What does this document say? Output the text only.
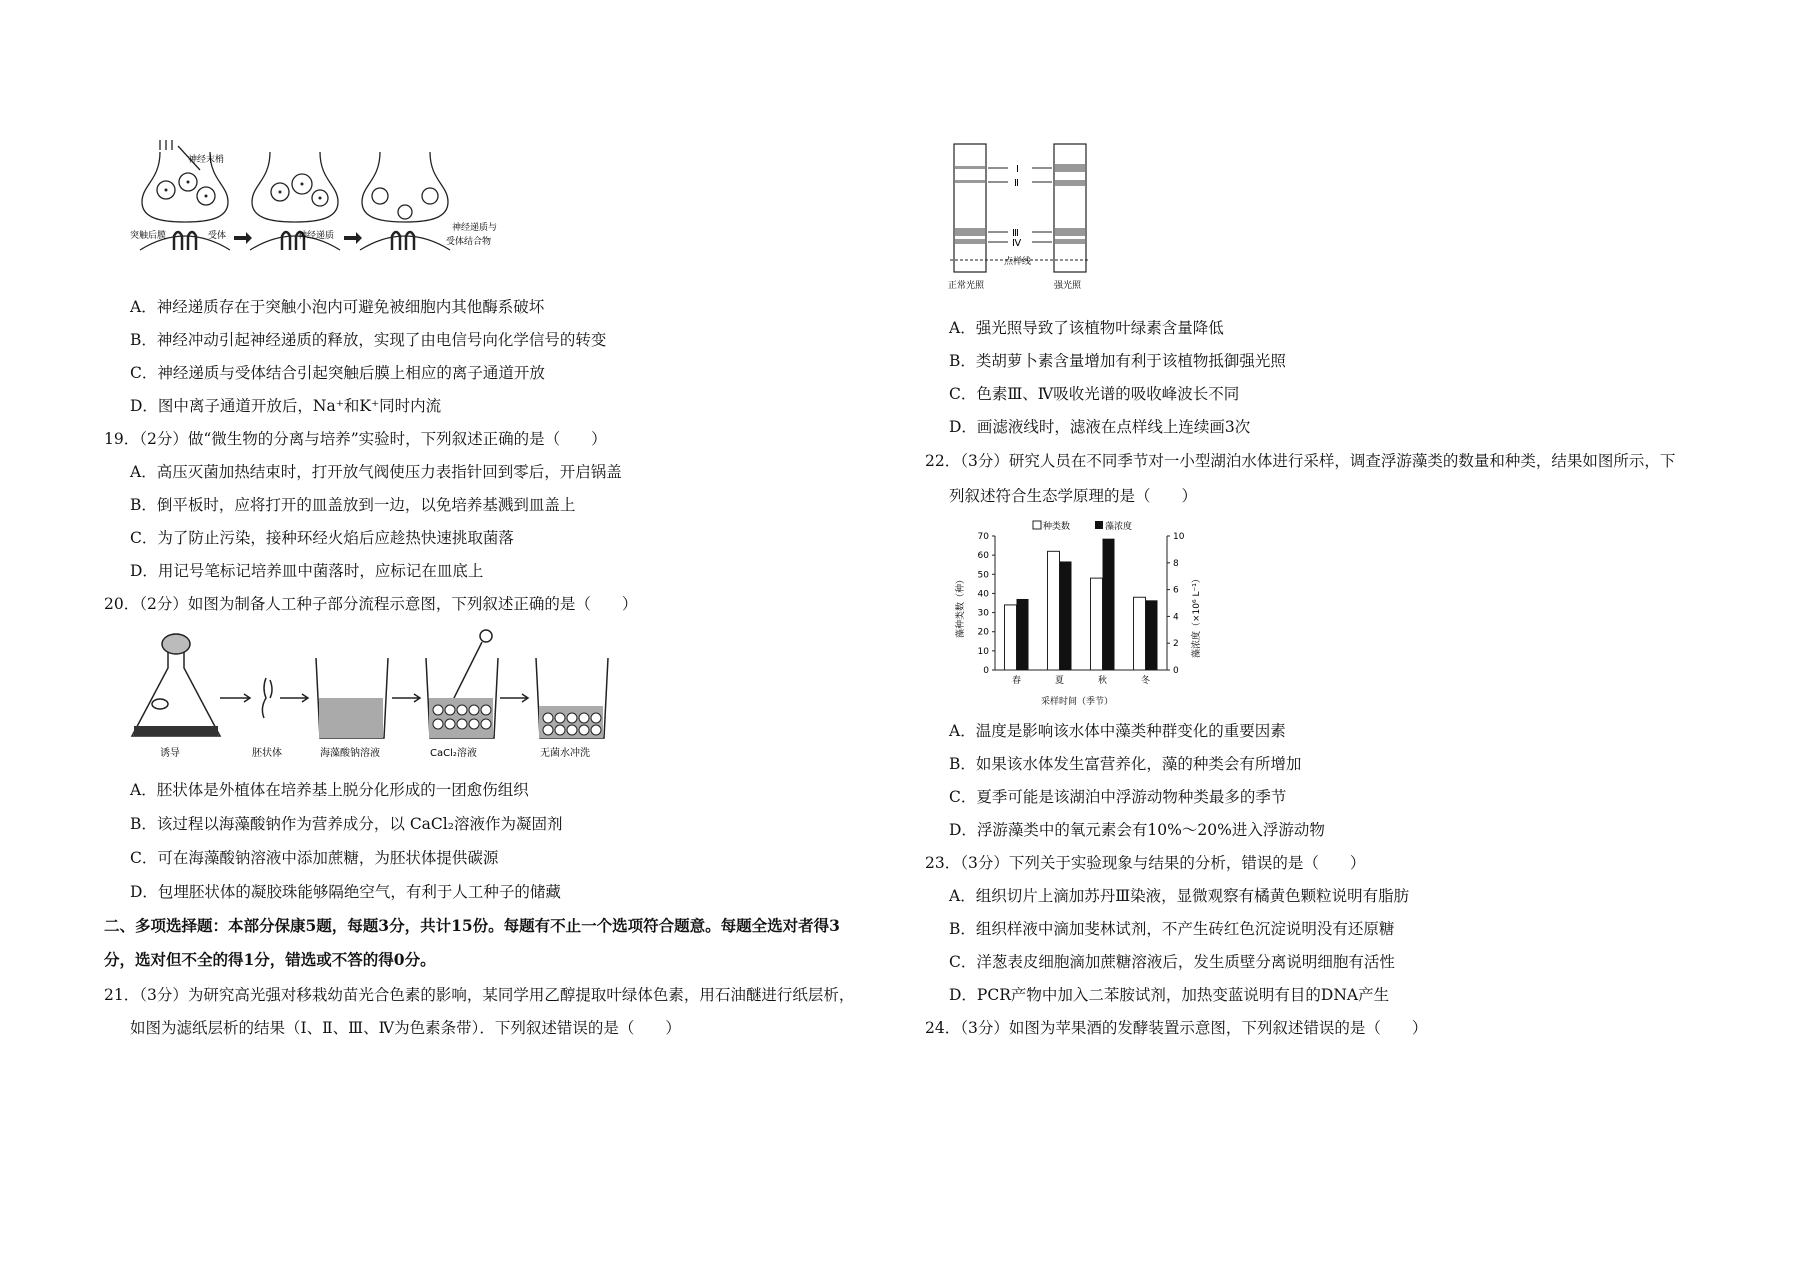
神经末梢
突触后膜	受体	神经递质
神经递质与
受体结合物
A．神经递质存在于突触小泡内可避免被细胞内其他酶系破坏
B．神经冲动引起神经递质的释放，实现了由电信号向化学信号的转变
C．神经递质与受体结合引起突触后膜上相应的离子通道开放
D．图中离子通道开放后，Na⁺和K⁺同时内流
19．（2分）做“微生物的分离与培养”实验时，下列叙述正确的是（　　）
A．高压灭菌加热结束时，打开放气阀使压力表指针回到零后，开启锅盖
B．倒平板时，应将打开的皿盖放到一边，以免培养基溅到皿盖上
C．为了防止污染，接种环经火焰后应趁热快速挑取菌落
D．用记号笔标记培养皿中菌落时，应标记在皿底上
20．（2分）如图为制备人工种子部分流程示意图，下列叙述正确的是（　　）
诱导	胚状体	海藻酸钠溶液	CaCl₂溶液	无菌水冲洗
A．胚状体是外植体在培养基上脱分化形成的一团愈伤组织
B．该过程以海藻酸钠作为营养成分，以 CaCl₂溶液作为凝固剂
C．可在海藻酸钠溶液中添加蔗糖，为胚状体提供碳源
D．包埋胚状体的凝胶珠能够隔绝空气，有利于人工种子的储藏
二、多项选择题：本部分保康5题，每题3分，共计15份。每题有不止一个选项符合题意。每题全选对者得3
分，选对但不全的得1分，错选或不答的得0分。
21．（3分）为研究高光强对移栽幼苗光合色素的影响，某同学用乙醇提取叶绿体色素，用石油醚进行纸层析，
如图为滤纸层析的结果（Ⅰ、Ⅱ、Ⅲ、Ⅳ为色素条带）．下列叙述错误的是（　　）
Ⅰ
Ⅱ
Ⅲ
Ⅳ
点样线
正常光照	强光照
A．强光照导致了该植物叶绿素含量降低
B．类胡萝卜素含量增加有利于该植物抵御强光照
C．色素Ⅲ、Ⅳ吸收光谱的吸收峰波长不同
D．画滤液线时，滤液在点样线上连续画3次
22．（3分）研究人员在不同季节对一小型湖泊水体进行采样，调查浮游藻类的数量和种类，结果如图所示，下
列叙述符合生态学原理的是（　　）
0
10
20
30
40
50
60
70
0
2
4
6
8
10
春	夏	秋	冬
种类数	藻浓度
采样时间（季节）
藻种类数（种）	藻浓度（×10⁶ L⁻¹）
A．温度是影响该水体中藻类种群变化的重要因素
B．如果该水体发生富营养化，藻的种类会有所增加
C．夏季可能是该湖泊中浮游动物种类最多的季节
D．浮游藻类中的氧元素会有10%～20%进入浮游动物
23．（3分）下列关于实验现象与结果的分析，错误的是（　　）
A．组织切片上滴加苏丹Ⅲ染液，显微观察有橘黄色颗粒说明有脂肪
B．组织样液中滴加斐林试剂，不产生砖红色沉淀说明没有还原糖
C．洋葱表皮细胞滴加蔗糖溶液后，发生质壁分离说明细胞有活性
D．PCR产物中加入二苯胺试剂，加热变蓝说明有目的DNA产生
24．（3分）如图为苹果酒的发酵装置示意图，下列叙述错误的是（　　）
